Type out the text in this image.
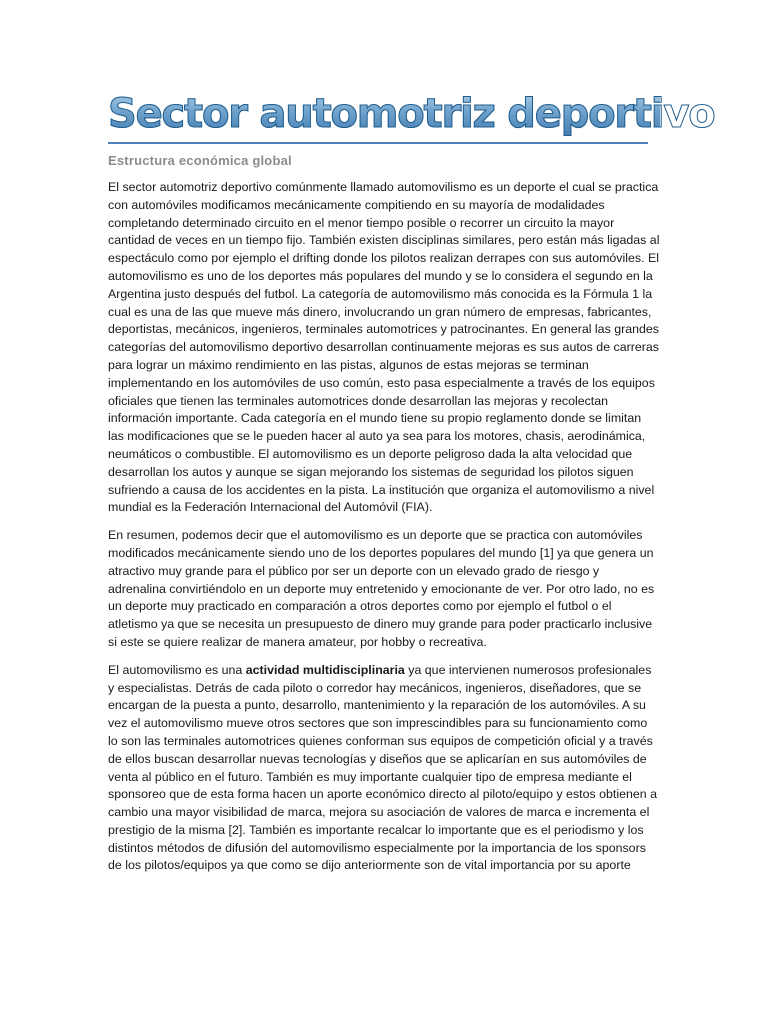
Sector automotriz deportivo

Estructura económica global

El sector automotriz deportivo comúnmente llamado automovilismo es un deporte el cual se practica con automóviles modificamos mecánicamente compitiendo en su mayoría de modalidades completando determinado circuito en el menor tiempo posible o recorrer un circuito la mayor cantidad de veces en un tiempo fijo. También existen disciplinas similares, pero están más ligadas al espectáculo como por ejemplo el drifting donde los pilotos realizan derrapes con sus automóviles. El automovilismo es uno de los deportes más populares del mundo y se lo considera el segundo en la Argentina justo después del futbol. La categoría de automovilismo más conocida es la Fórmula 1 la cual es una de las que mueve más dinero, involucrando un gran número de empresas, fabricantes, deportistas, mecánicos, ingenieros, terminales automotrices y patrocinantes. En general las grandes categorías del automovilismo deportivo desarrollan continuamente mejoras es sus autos de carreras para lograr un máximo rendimiento en las pistas, algunos de estas mejoras se terminan implementando en los automóviles de uso común, esto pasa especialmente a través de los equipos oficiales que tienen las terminales automotrices donde desarrollan las mejoras y recolectan información importante. Cada categoría en el mundo tiene su propio reglamento donde se limitan las modificaciones que se le pueden hacer al auto ya sea para los motores, chasis, aerodinámica, neumáticos o combustible. El automovilismo es un deporte peligroso dada la alta velocidad que desarrollan los autos y aunque se sigan mejorando los sistemas de seguridad los pilotos siguen sufriendo a causa de los accidentes en la pista. La institución que organiza el automovilismo a nivel mundial es la Federación Internacional del Automóvil (FIA).

En resumen, podemos decir que el automovilismo es un deporte que se practica con automóviles modificados mecánicamente siendo uno de los deportes populares del mundo [1] ya que genera un atractivo muy grande para el público por ser un deporte con un elevado grado de riesgo y adrenalina convirtiéndolo en un deporte muy entretenido y emocionante de ver. Por otro lado, no es un deporte muy practicado en comparación a otros deportes como por ejemplo el futbol o el atletismo ya que se necesita un presupuesto de dinero muy grande para poder practicarlo inclusive si este se quiere realizar de manera amateur, por hobby o recreativa.

El automovilismo es una actividad multidisciplinaria ya que intervienen numerosos profesionales y especialistas. Detrás de cada piloto o corredor hay mecánicos, ingenieros, diseñadores, que se encargan de la puesta a punto, desarrollo, mantenimiento y la reparación de los automóviles. A su vez el automovilismo mueve otros sectores que son imprescindibles para su funcionamiento como lo son las terminales automotrices quienes conforman sus equipos de competición oficial y a través de ellos buscan desarrollar nuevas tecnologías y diseños que se aplicarían en sus automóviles de venta al público en el futuro. También es muy importante cualquier tipo de empresa mediante el sponsoreo que de esta forma hacen un aporte económico directo al piloto/equipo y estos obtienen a cambio una mayor visibilidad de marca, mejora su asociación de valores de marca e incrementa el prestigio de la misma [2]. También es importante recalcar lo importante que es el periodismo y los distintos métodos de difusión del automovilismo especialmente por la importancia de los sponsors de los pilotos/equipos ya que como se dijo anteriormente son de vital importancia por su aporte
